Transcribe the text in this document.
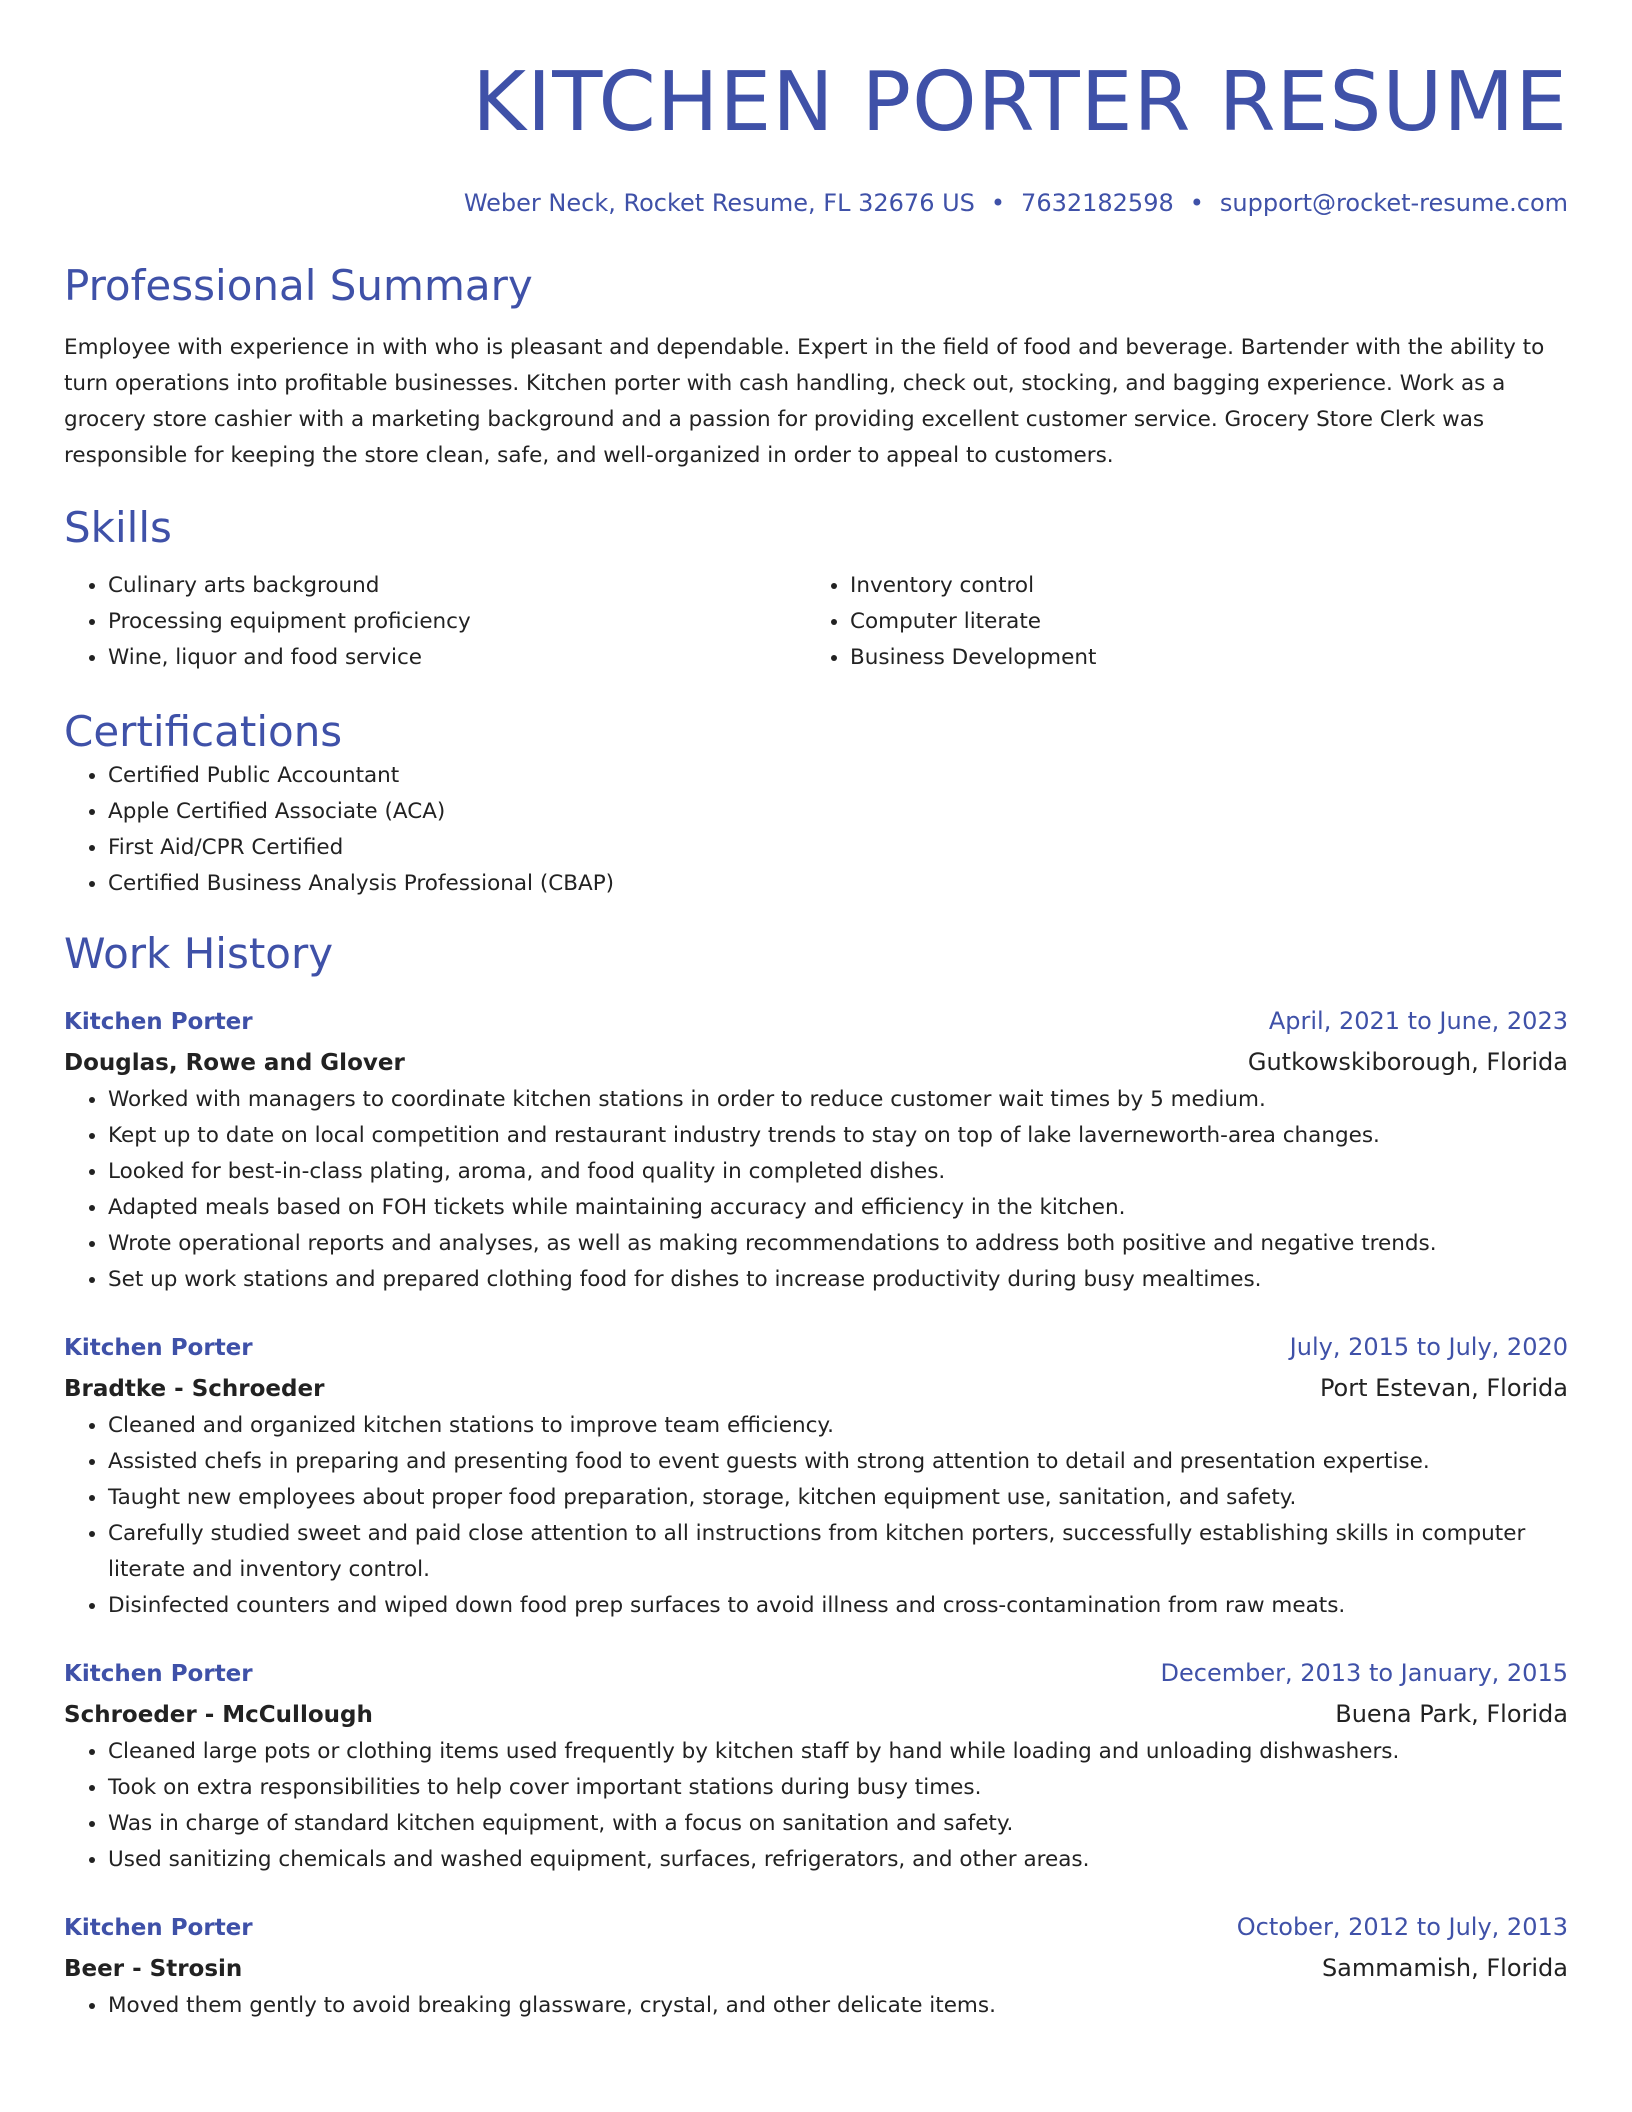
KITCHEN PORTER RESUME
Weber Neck, Rocket Resume, FL 32676 US • 7632182598 • support@rocket-resume.com
Professional Summary

Employee with experience in with who is pleasant and dependable. Expert in the field of food and beverage. Bartender with the ability to turn operations into profitable businesses. Kitchen porter with cash handling, check out, stocking, and bagging experience. Work as a grocery store cashier with a marketing background and a passion for providing excellent customer service. Grocery Store Clerk was responsible for keeping the store clean, safe, and well-organized in order to appeal to customers.

Skills
• Culinary arts background
• Processing equipment proficiency
• Wine, liquor and food service
• Inventory control
• Computer literate
• Business Development
Certifications
• Certified Public Accountant
• Apple Certified Associate (ACA)
• First Aid/CPR Certified
• Certified Business Analysis Professional (CBAP)
Work History
Kitchen Porter	April, 2021 to June, 2023
Douglas, Rowe and Glover	Gutkowskiborough, Florida
• Worked with managers to coordinate kitchen stations in order to reduce customer wait times by 5 medium.
• Kept up to date on local competition and restaurant industry trends to stay on top of lake laverneworth-area changes.
• Looked for best-in-class plating, aroma, and food quality in completed dishes.
• Adapted meals based on FOH tickets while maintaining accuracy and efficiency in the kitchen.
• Wrote operational reports and analyses, as well as making recommendations to address both positive and negative trends.
• Set up work stations and prepared clothing food for dishes to increase productivity during busy mealtimes.
Kitchen Porter	July, 2015 to July, 2020
Bradtke - Schroeder	Port Estevan, Florida
• Cleaned and organized kitchen stations to improve team efficiency.
• Assisted chefs in preparing and presenting food to event guests with strong attention to detail and presentation expertise.
• Taught new employees about proper food preparation, storage, kitchen equipment use, sanitation, and safety.
• Carefully studied sweet and paid close attention to all instructions from kitchen porters, successfully establishing skills in computer literate and inventory control.
• Disinfected counters and wiped down food prep surfaces to avoid illness and cross-contamination from raw meats.
Kitchen Porter	December, 2013 to January, 2015
Schroeder - McCullough	Buena Park, Florida
• Cleaned large pots or clothing items used frequently by kitchen staff by hand while loading and unloading dishwashers.
• Took on extra responsibilities to help cover important stations during busy times.
• Was in charge of standard kitchen equipment, with a focus on sanitation and safety.
• Used sanitizing chemicals and washed equipment, surfaces, refrigerators, and other areas.
Kitchen Porter	October, 2012 to July, 2013
Beer - Strosin	Sammamish, Florida
• Moved them gently to avoid breaking glassware, crystal, and other delicate items.
